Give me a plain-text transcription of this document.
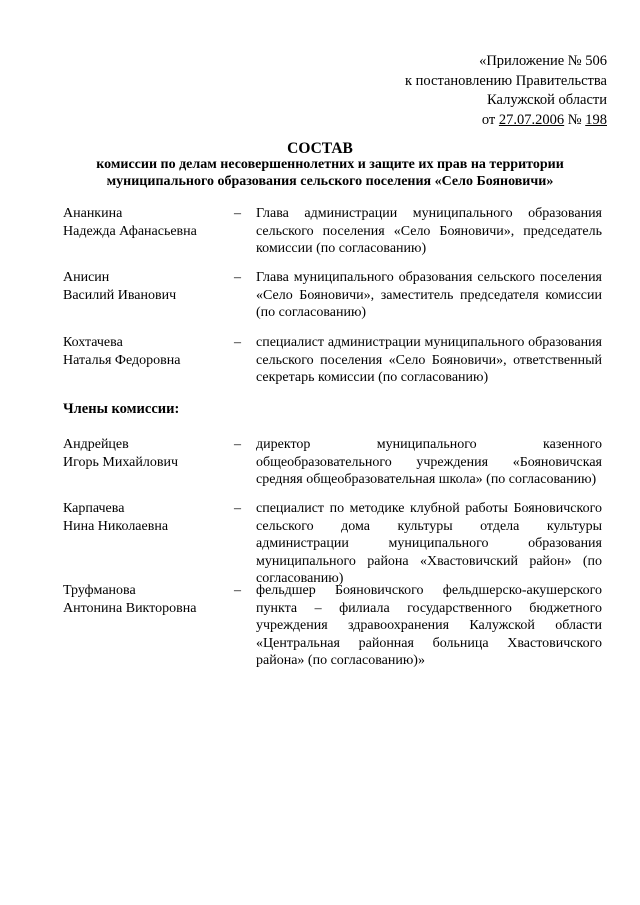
«Приложение № 506
к постановлению Правительства
Калужской области
от 27.07.2006 № 198
СОСТАВ
комиссии по делам несовершеннолетних и защите их прав на территории муниципального образования сельского поселения «Село Бояновичи»
Ананкина
Надежда Афанасьевна
– Глава администрации муниципального образования сельского поселения «Село Бояновичи», председатель комиссии (по согласованию)
Анисин
Василий Иванович
– Глава муниципального образования сельского поселения «Село Бояновичи», заместитель председателя комиссии (по согласованию)
Кохтачева
Наталья Федоровна
– специалист администрации муниципального образования сельского поселения «Село Бояновичи», ответственный секретарь комиссии (по согласованию)
Члены комиссии:
Андрейцев
Игорь Михайлович
– директор муниципального казенного общеобразовательного учреждения «Бояновичская средняя общеобразовательная школа» (по согласованию)
Карпачева
Нина Николаевна
– специалист по методике клубной работы Бояновичского сельского дома культуры отдела культуры администрации муниципального образования муниципального района «Хвастовичский район» (по согласованию)
Труфманова
Антонина Викторовна
– фельдшер Бояновичского фельдшерско-акушерского пункта – филиала государственного бюджетного учреждения здравоохранения Калужской области «Центральная районная больница Хвастовичского района» (по согласованию)»
